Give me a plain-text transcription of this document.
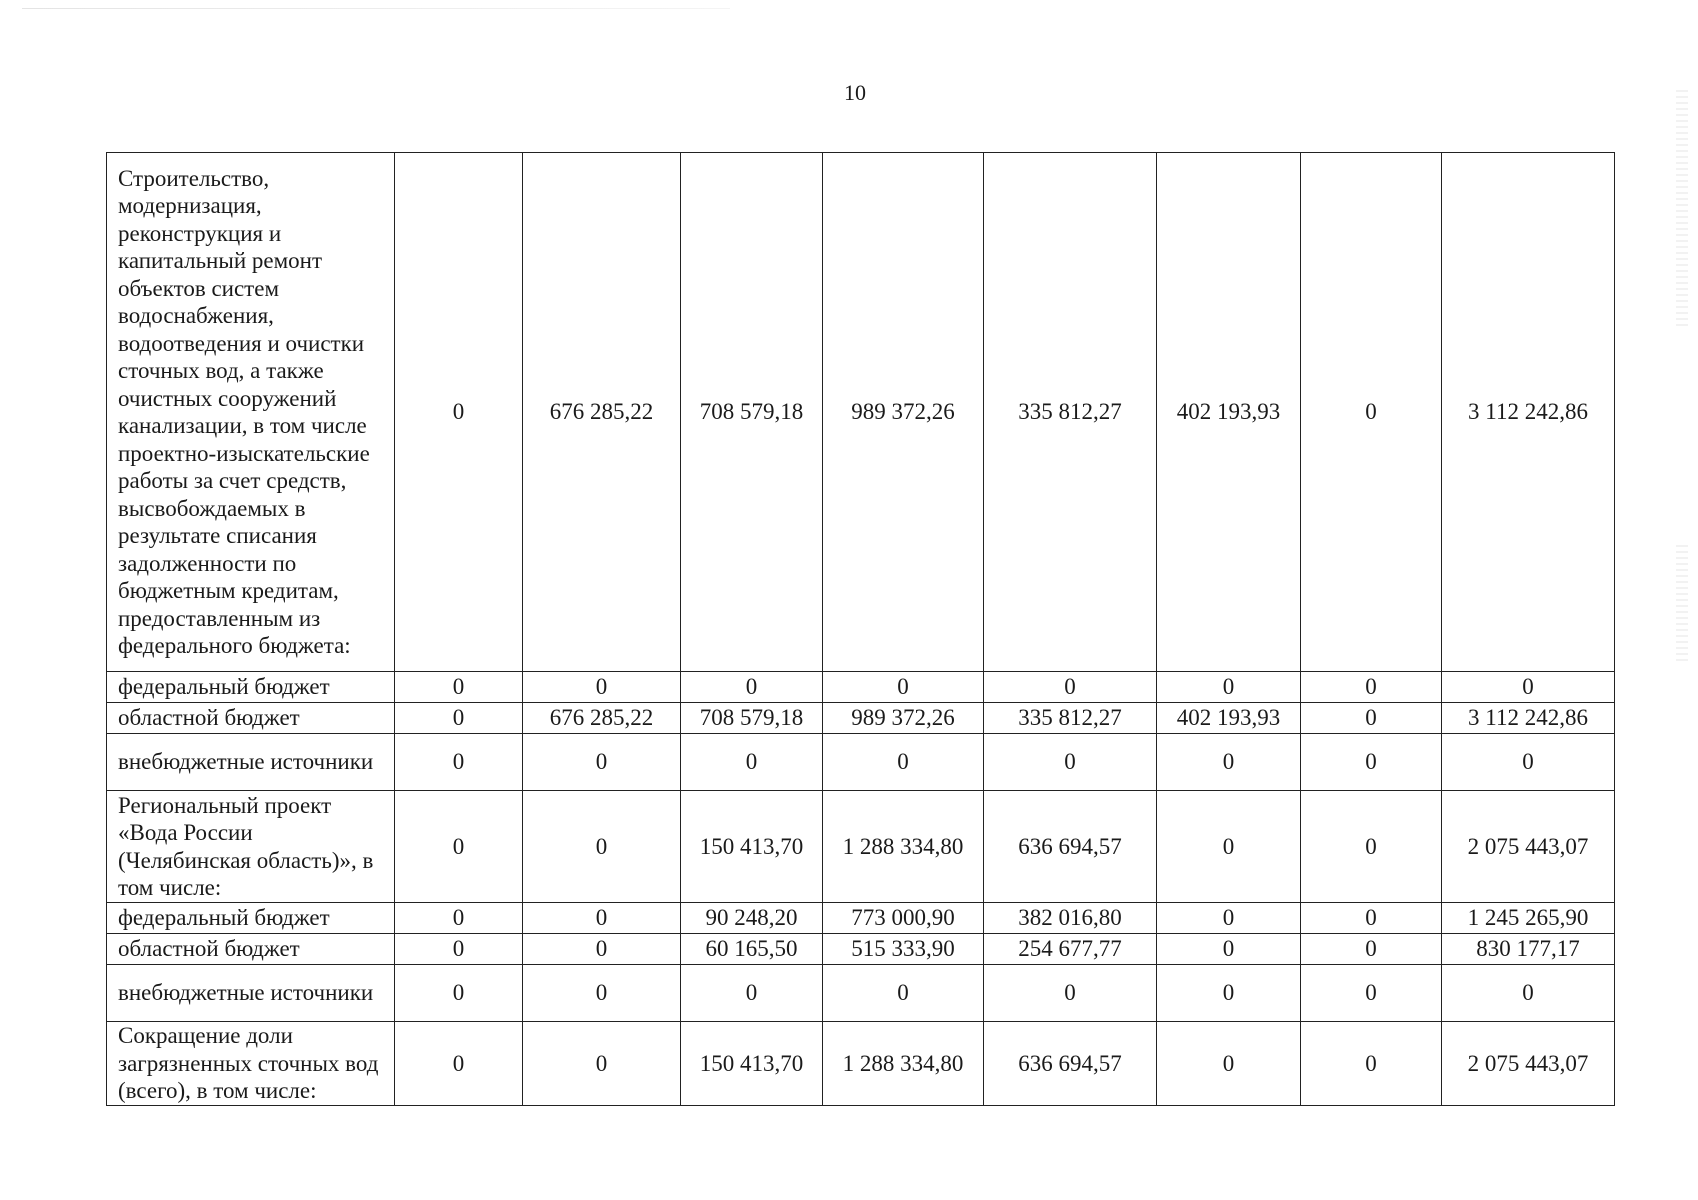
10
Строительство, модернизация, реконструкция и капитальный ремонт объектов систем водоснабжения, водоотведения и очистки сточных вод, а также очистных сооружений канализации, в том числе проектно-изыскательские работы за счет средств, высвобождаемых в результате списания задолженности по бюджетным кредитам, предоставленным из федерального бюджета:	0	676 285,22	708 579,18	989 372,26	335 812,27	402 193,93	0	3 112 242,86
федеральный бюджет	0	0	0	0	0	0	0	0
областной бюджет	0	676 285,22	708 579,18	989 372,26	335 812,27	402 193,93	0	3 112 242,86
внебюджетные источники	0	0	0	0	0	0	0	0
Региональный проект «Вода России (Челябинская область)», в том числе:	0	0	150 413,70	1 288 334,80	636 694,57	0	0	2 075 443,07
федеральный бюджет	0	0	90 248,20	773 000,90	382 016,80	0	0	1 245 265,90
областной бюджет	0	0	60 165,50	515 333,90	254 677,77	0	0	830 177,17
внебюджетные источники	0	0	0	0	0	0	0	0
Сокращение доли загрязненных сточных вод (всего), в том числе:	0	0	150 413,70	1 288 334,80	636 694,57	0	0	2 075 443,07
